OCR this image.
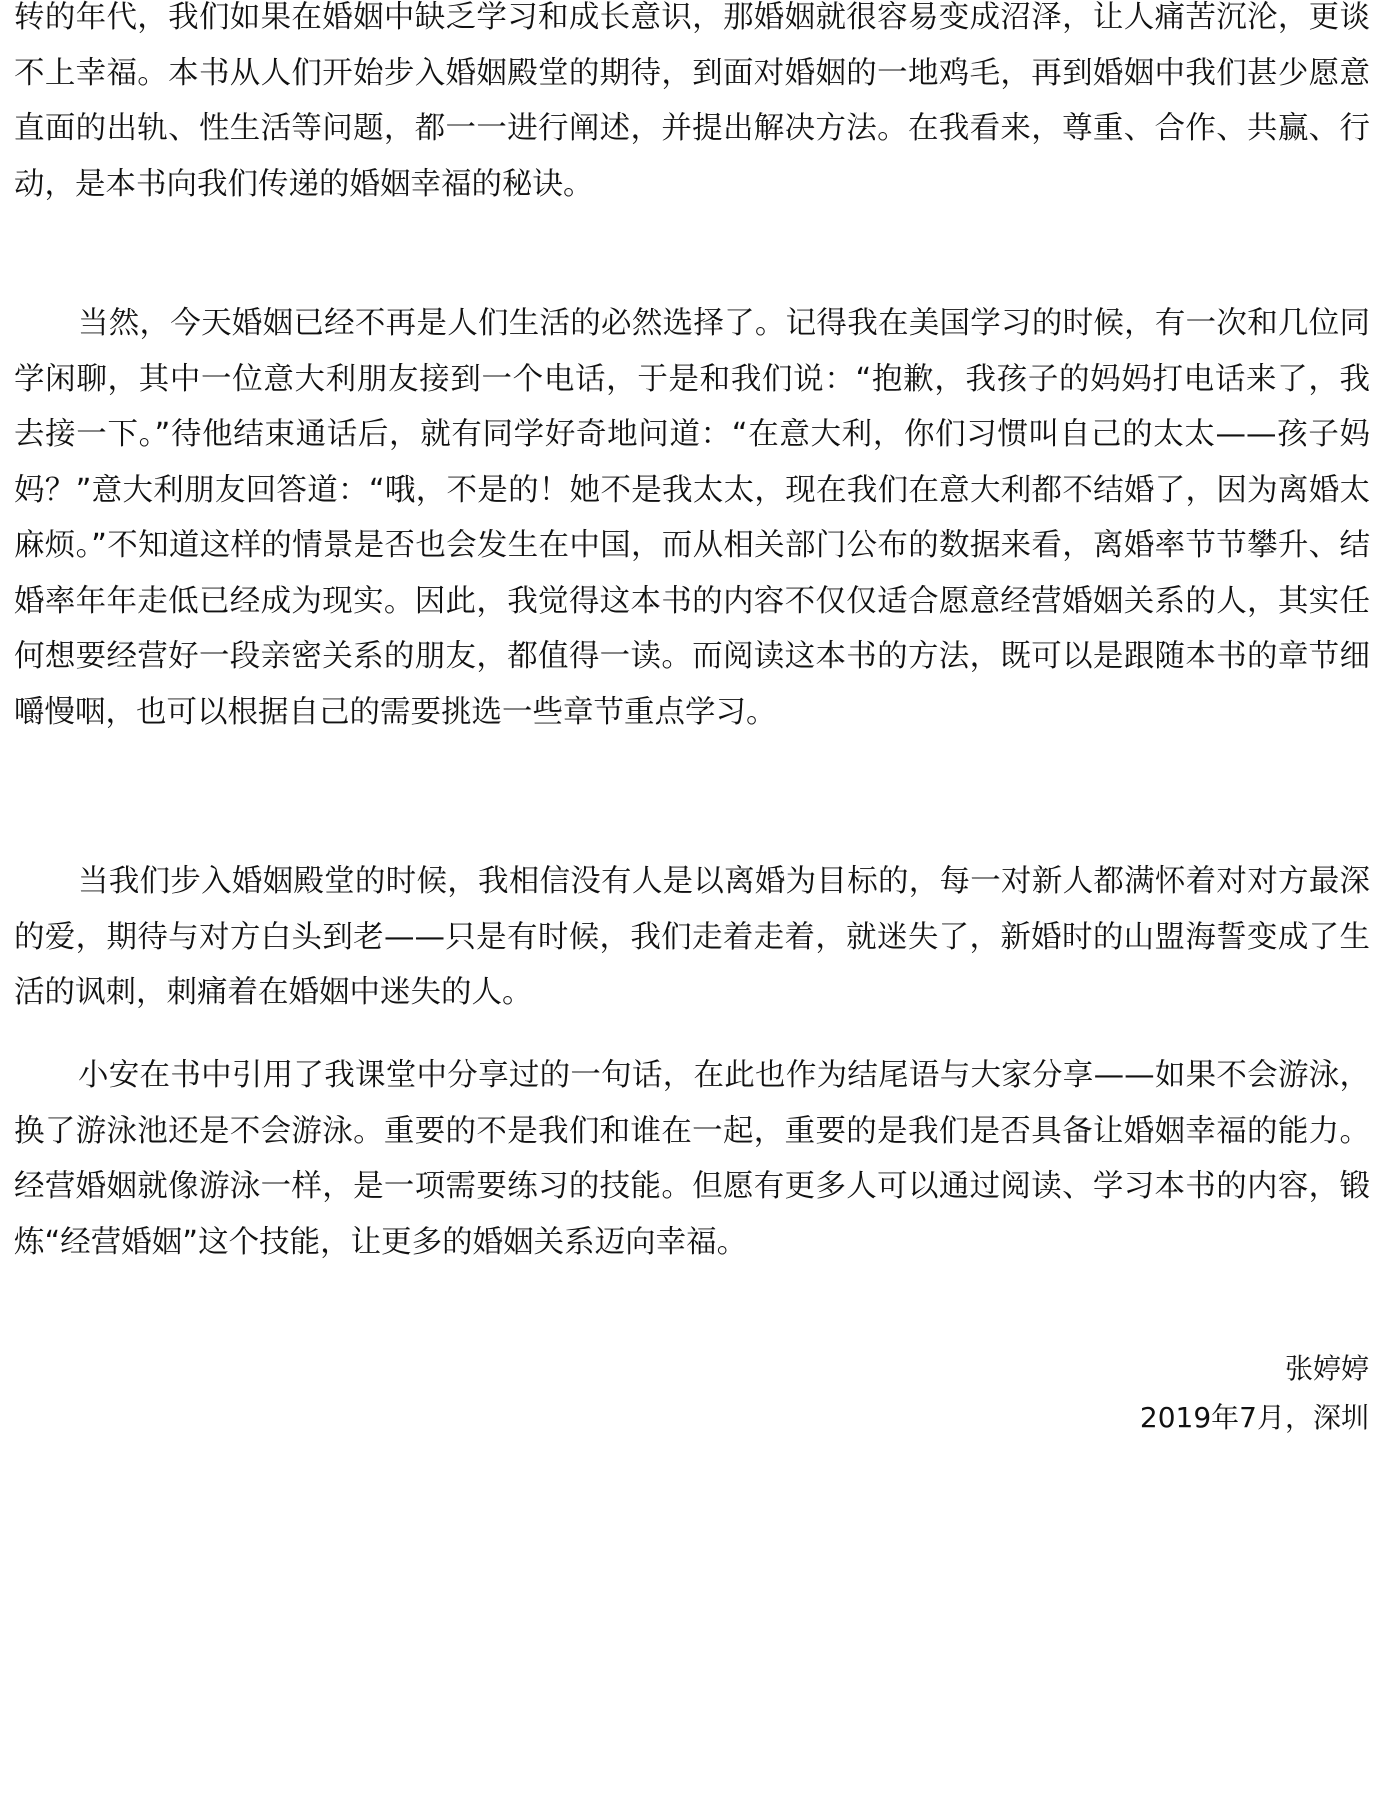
转的年代，我们如果在婚姻中缺乏学习和成长意识，那婚姻就很容易变成沼泽，让人痛苦沉沦，更谈不上幸福。本书从人们开始步入婚姻殿堂的期待，到面对婚姻的一地鸡毛，再到婚姻中我们甚少愿意直面的出轨、性生活等问题，都一一进行阐述，并提出解决方法。在我看来，尊重、合作、共赢、行动，是本书向我们传递的婚姻幸福的秘诀。

当然，今天婚姻已经不再是人们生活的必然选择了。记得我在美国学习的时候，有一次和几位同学闲聊，其中一位意大利朋友接到一个电话，于是和我们说：“抱歉，我孩子的妈妈打电话来了，我去接一下。”待他结束通话后，就有同学好奇地问道：“在意大利，你们习惯叫自己的太太——孩子妈妈？”意大利朋友回答道：“哦，不是的！她不是我太太，现在我们在意大利都不结婚了，因为离婚太麻烦。”不知道这样的情景是否也会发生在中国，而从相关部门公布的数据来看，离婚率节节攀升、结婚率年年走低已经成为现实。因此，我觉得这本书的内容不仅仅适合愿意经营婚姻关系的人，其实任何想要经营好一段亲密关系的朋友，都值得一读。而阅读这本书的方法，既可以是跟随本书的章节细嚼慢咽，也可以根据自己的需要挑选一些章节重点学习。

当我们步入婚姻殿堂的时候，我相信没有人是以离婚为目标的，每一对新人都满怀着对对方最深的爱，期待与对方白头到老——只是有时候，我们走着走着，就迷失了，新婚时的山盟海誓变成了生活的讽刺，刺痛着在婚姻中迷失的人。

小安在书中引用了我课堂中分享过的一句话，在此也作为结尾语与大家分享——如果不会游泳，换了游泳池还是不会游泳。重要的不是我们和谁在一起，重要的是我们是否具备让婚姻幸福的能力。经营婚姻就像游泳一样，是一项需要练习的技能。但愿有更多人可以通过阅读、学习本书的内容，锻炼“经营婚姻”这个技能，让更多的婚姻关系迈向幸福。

张婷婷

2019年7月，深圳
